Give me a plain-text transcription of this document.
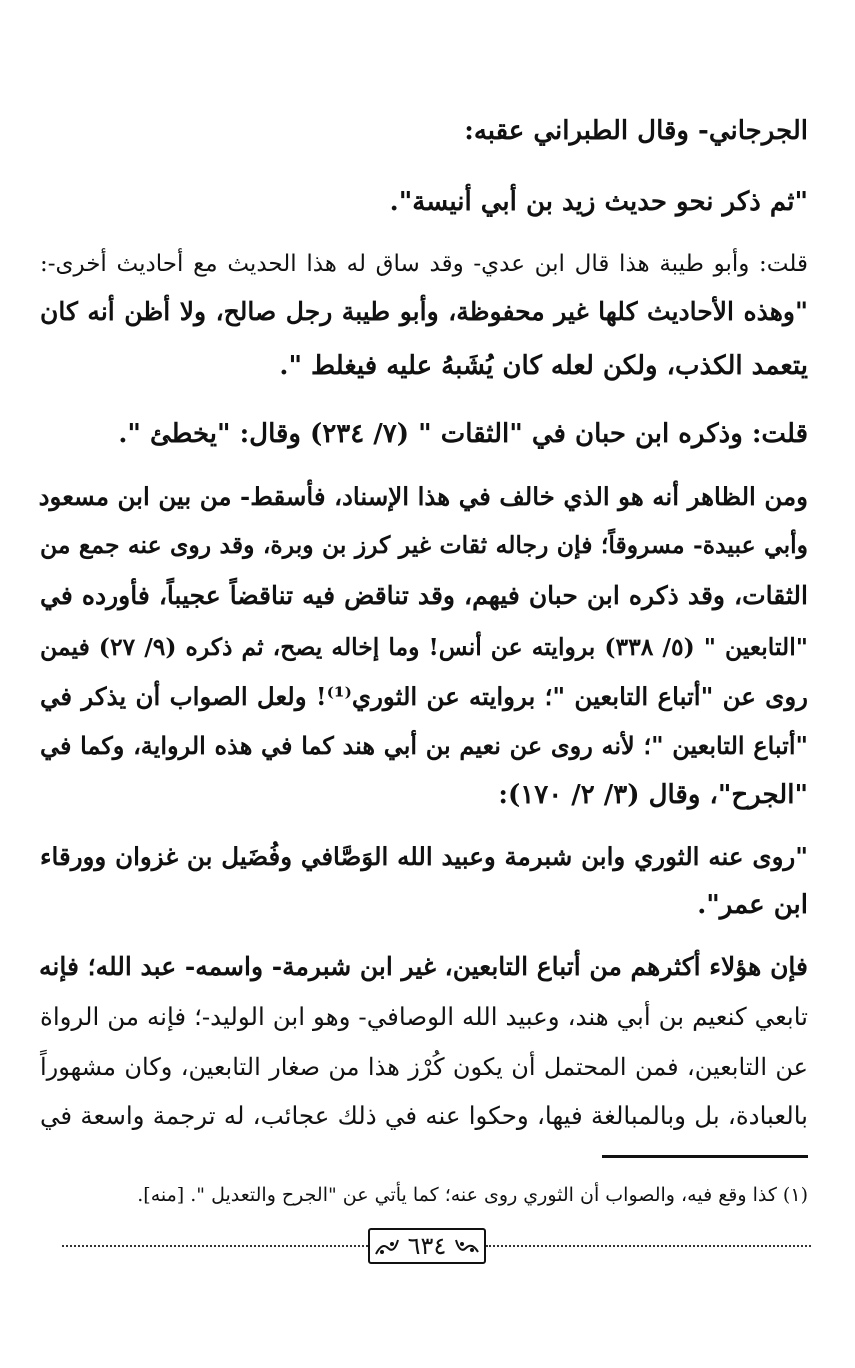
الجرجاني- وقال الطبراني عقبه:
"ثم ذكر نحو حديث زيد بن أبي أنيسة".
قلت: وأبو طيبة هذا قال ابن عدي- وقد ساق له هذا الحديث مع أحاديث أخرى-:
"وهذه الأحاديث كلها غير محفوظة، وأبو طيبة رجل صالح، ولا أظن أنه كان
يتعمد الكذب، ولكن لعله كان يُشَبهُ عليه فيغلط ".
قلت: وذكره ابن حبان في "الثقات " (٧/ ٢٣٤) وقال: "يخطئ ".
ومن الظاهر أنه هو الذي خالف في هذا الإسناد، فأسقط- من بين ابن مسعود
وأبي عبيدة- مسروقاً؛ فإن رجاله ثقات غير كرز بن وبرة، وقد روى عنه جمع من
الثقات، وقد ذكره ابن حبان فيهم، وقد تناقض فيه تناقضاً عجيباً، فأورده في
"التابعين " (٥/ ٣٣٨) بروايته عن أنس! وما إخاله يصح، ثم ذكره (٩/ ٢٧) فيمن
روى عن "أتباع التابعين "؛ بروايته عن الثوري⁽¹⁾! ولعل الصواب أن يذكر في
"أتباع التابعين "؛ لأنه روى عن نعيم بن أبي هند كما في هذه الرواية، وكما في
"الجرح"، وقال (٣/ ٢/ ١٧٠):
"روى عنه الثوري وابن شبرمة وعبيد الله الوَصَّافي وفُضَيل بن غزوان وورقاء
ابن عمر".
فإن هؤلاء أكثرهم من أتباع التابعين، غير ابن شبرمة- واسمه- عبد الله؛ فإنه
تابعي كنعيم بن أبي هند، وعبيد الله الوصافي- وهو ابن الوليد-؛ فإنه من الرواة
عن التابعين، فمن المحتمل أن يكون كُرْز هذا من صغار التابعين، وكان مشهوراً
بالعبادة، بل وبالمبالغة فيها، وحكوا عنه في ذلك عجائب، له ترجمة واسعة في
(١) كذا وقع فيه، والصواب أن الثوري روى عنه؛ كما يأتي عن "الجرح والتعديل ". [منه].
٦٣٤
